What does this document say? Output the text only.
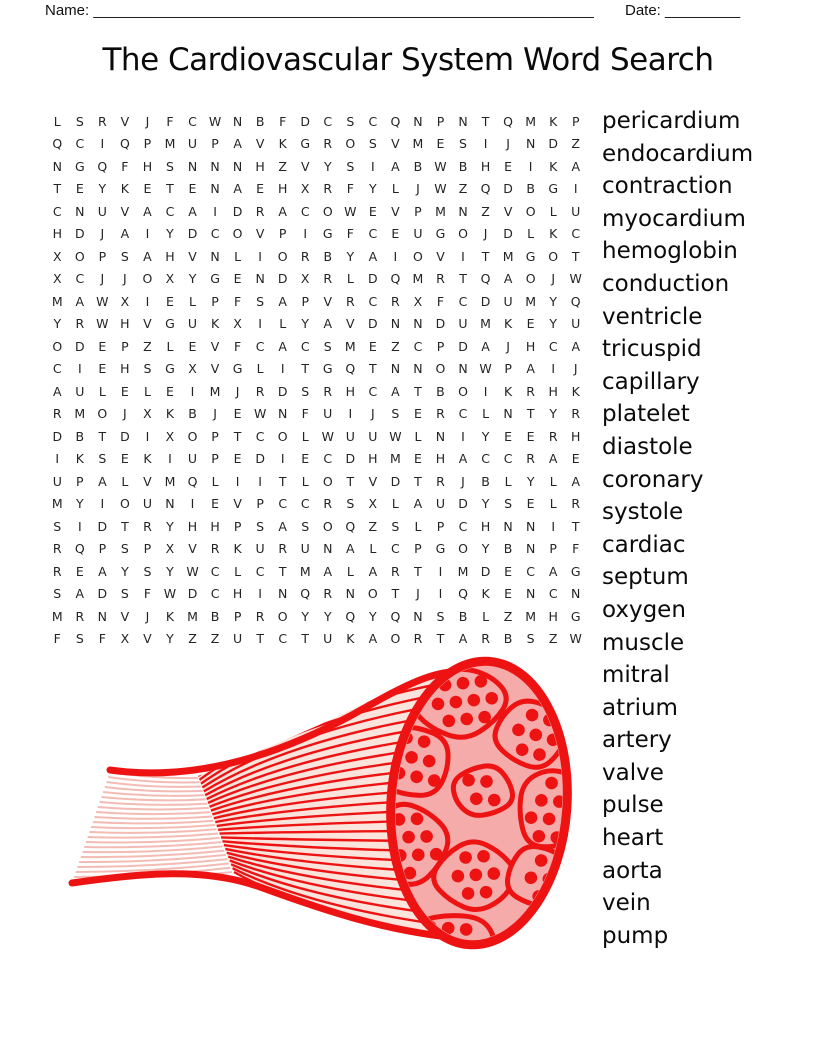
Name: ____________________________________________________________ Date: _________
The Cardiovascular System Word Search
L	S	R	V	J	F	C W N	B	F	D	C	S	C	Q	N	P	N	T	Q M	K	P
Q	C	I	Q	P	M	U	P	A	V	K	G	R	O	S	V	M	E	S	I	J	N	D	Z
N	G	Q	F	H	S	N	N	N	H	Z	V	Y	S	I	A	B W B	H	E	I	K	A
T	E	Y	K	E	T	E	N	A	E	H	X	R	F	Y	L	J	W Z	Q	D	B	G	I
C	N	U	V	A	C	A	I	D	R	A	C	O W E	V	P	M N	Z	V	O	L	U
H	D	J	A	I	Y	D	C	O	V	P	I	G	F	C	E	U	G	O	J	D	L	K	C
X	O	P	S	A	H	V	N	L	I	O	R	B	Y	A	I	O	V	I	T	M G	O	T
X	C	J	J	O	X	Y	G	E	N	D	X	R	L	D	Q M	R	T	Q	A	O	J	W
M	A W X	I	E	L	P	F	S	A	P	V	R	C	R	X	F	C	D	U	M	Y	Q
Y	R W H	V	G	U	K	X	I	L	Y	A	V	D	N	N	D	U	M	K	E	Y	U
O	D	E	P	Z	L	E	V	F	C	A	C	S	M	E	Z	C	P	D	A	J	H	C	A
C	I	E	H	S	G	X	V	G	L	I	T	G	Q	T	N	N	O	N W	P	A	I	J
A	U	L	E	L	E	I	M	J	R	D	S	R	H	C	A	T	B	O	I	K	R	H	K
R	M O	J	X	K	B	J	E W N	F	U	I	J	S	E	R	C	L	N	T	Y	R
D	B	T	D	I	X	O	P	T	C	O	L	W U	U W	L	N	I	Y	E	E	R	H
I	K	S	E	K	I	U	P	E	D	I	E	C	D	H M	E	H	A	C	C	R	A	E
U	P	A	L	V	M Q	L	I	I	T	L	O	T	V	D	T	R	J	B	L	Y	L	A
M	Y	I	O	U	N	I	E	V	P	C	C	R	S	X	L	A	U	D	Y	S	E	L	R
S	I	D	T	R	Y	H	H	P	S	A	S	O	Q	Z	S	L	P	C	H	N	N	I	T
R	Q	P	S	P	X	V	R	K	U	R	U	N	A	L	C	P	G	O	Y	B	N	P	F
R	E	A	Y	S	Y	W C	L	C	T	M	A	L	A	R	T	I	M D	E	C	A	G
S	A	D	S	F	W D	C	H	I	N	Q	R	N	O	T	J	I	Q	K	E	N	C	N
M	R	N	V	J	K	M	B	P	R	O	Y	Y	Q	Y	Q	N	S	B	L	Z	M H	G
F	S	F	X	V	Y	Z	Z	U	T	C	T	U	K	A	O	R	T	A	R	B	S	Z W
pericardium
endocardium
contraction
myocardium
hemoglobin
conduction
ventricle
tricuspid
capillary
platelet
diastole
coronary
systole
cardiac
septum
oxygen
muscle
mitral
atrium
artery
valve
pulse
heart
aorta
vein
pump
